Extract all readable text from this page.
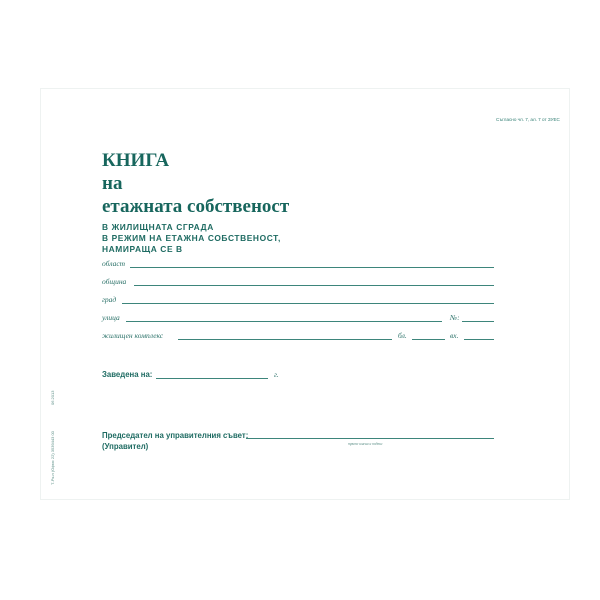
Съгласно чл. 7, ал. 7 от ЗУЕС
Т-Рк-п (Офис 22) 3539443 00
06.2013
КНИГА
на
етажната собственост
В ЖИЛИЩНАТА СГРАДА
В РЕЖИМ НА ЕТАЖНА СОБСТВЕНОСТ,
НАМИРАЩА СЕ В
област
община
град
улица	№:
жилищен комплекс	бл.	вх.
Заведена на:	г.
Председател на управителния съвет:
трите имена и подпис
(Управител)
